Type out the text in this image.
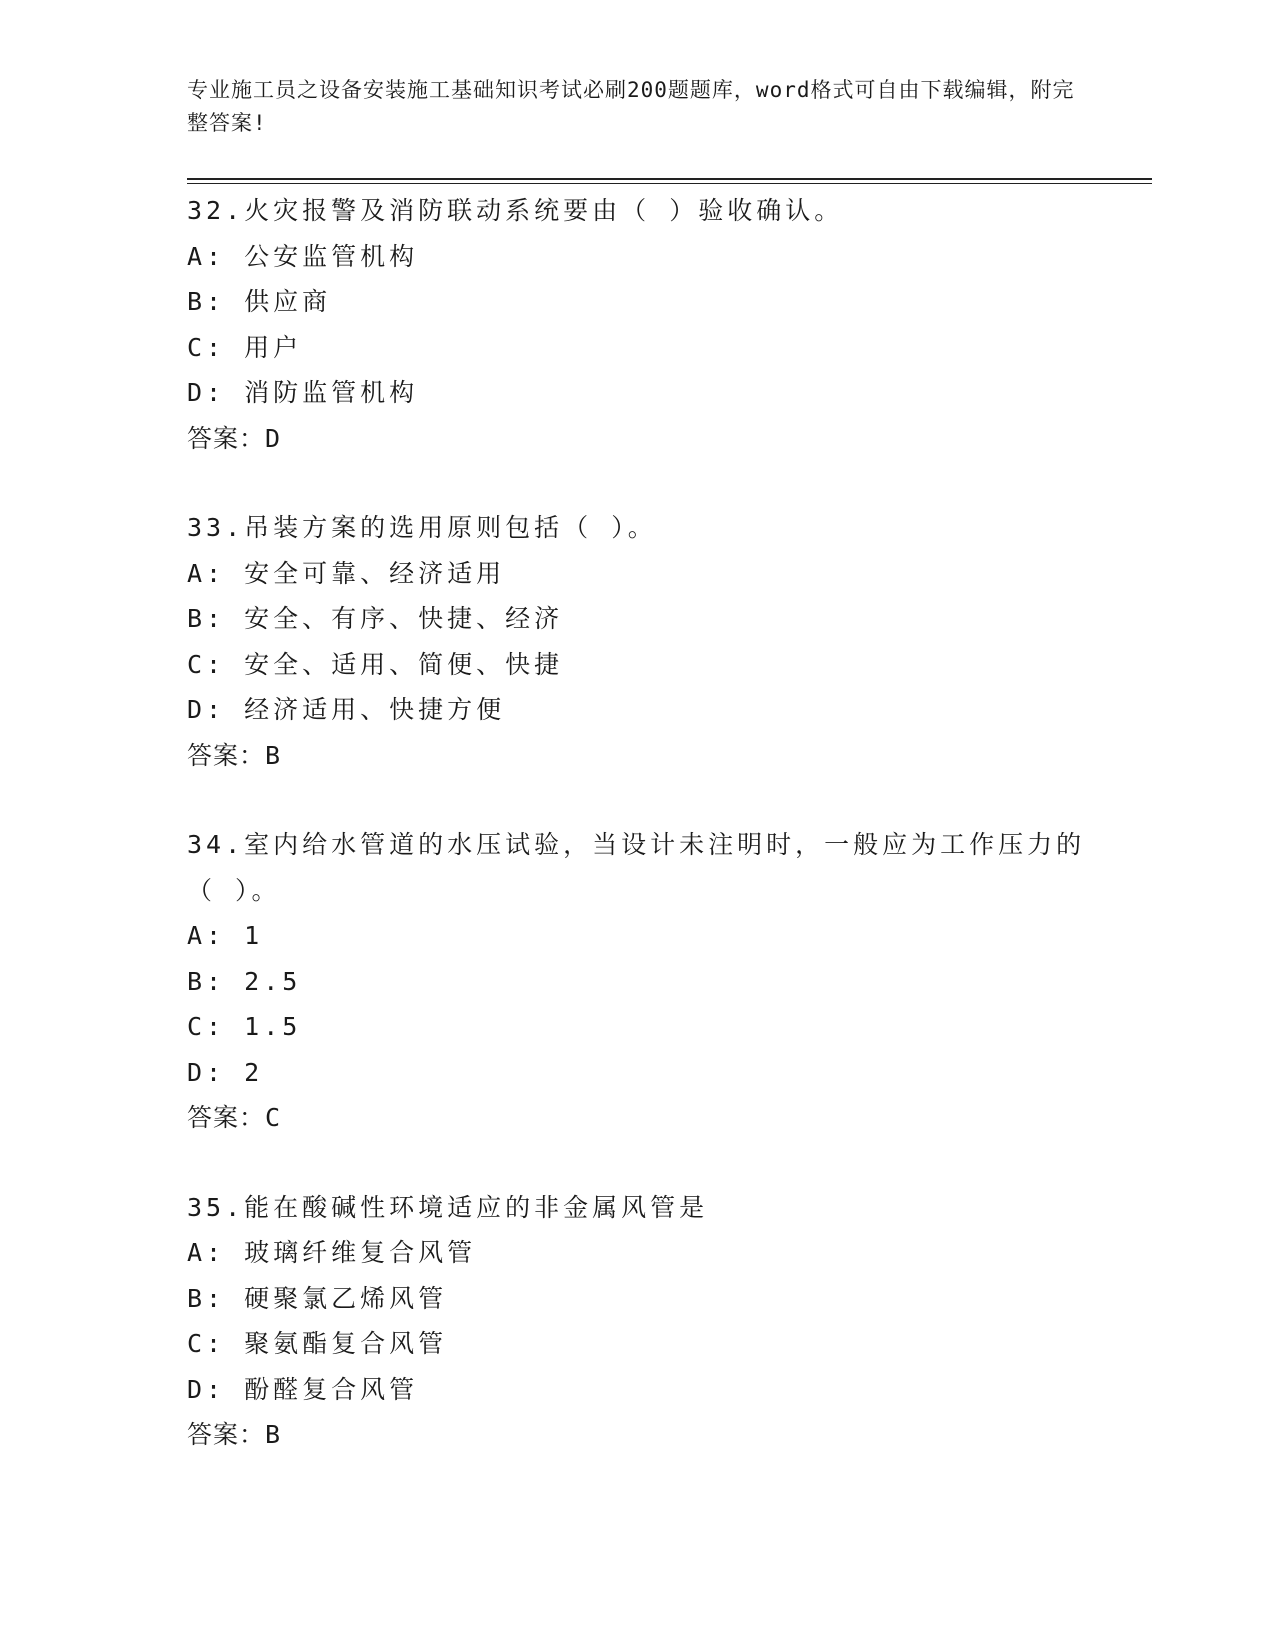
专业施工员之设备安装施工基础知识考试必刷200题题库，word格式可自由下载编辑，附完整答案!
32.火灾报警及消防联动系统要由（ ）验收确认。
A: 公安监管机构
B: 供应商
C: 用户
D: 消防监管机构
答案：D
33.吊装方案的选用原则包括（ ）。
A: 安全可靠、经济适用
B: 安全、有序、快捷、经济
C: 安全、适用、简便、快捷
D: 经济适用、快捷方便
答案：B
34.室内给水管道的水压试验，当设计未注明时，一般应为工作压力的（ ）。
A: 1
B: 2.5
C: 1.5
D: 2
答案：C
35.能在酸碱性环境适应的非金属风管是
A: 玻璃纤维复合风管
B: 硬聚氯乙烯风管
C: 聚氨酯复合风管
D: 酚醛复合风管
答案：B
